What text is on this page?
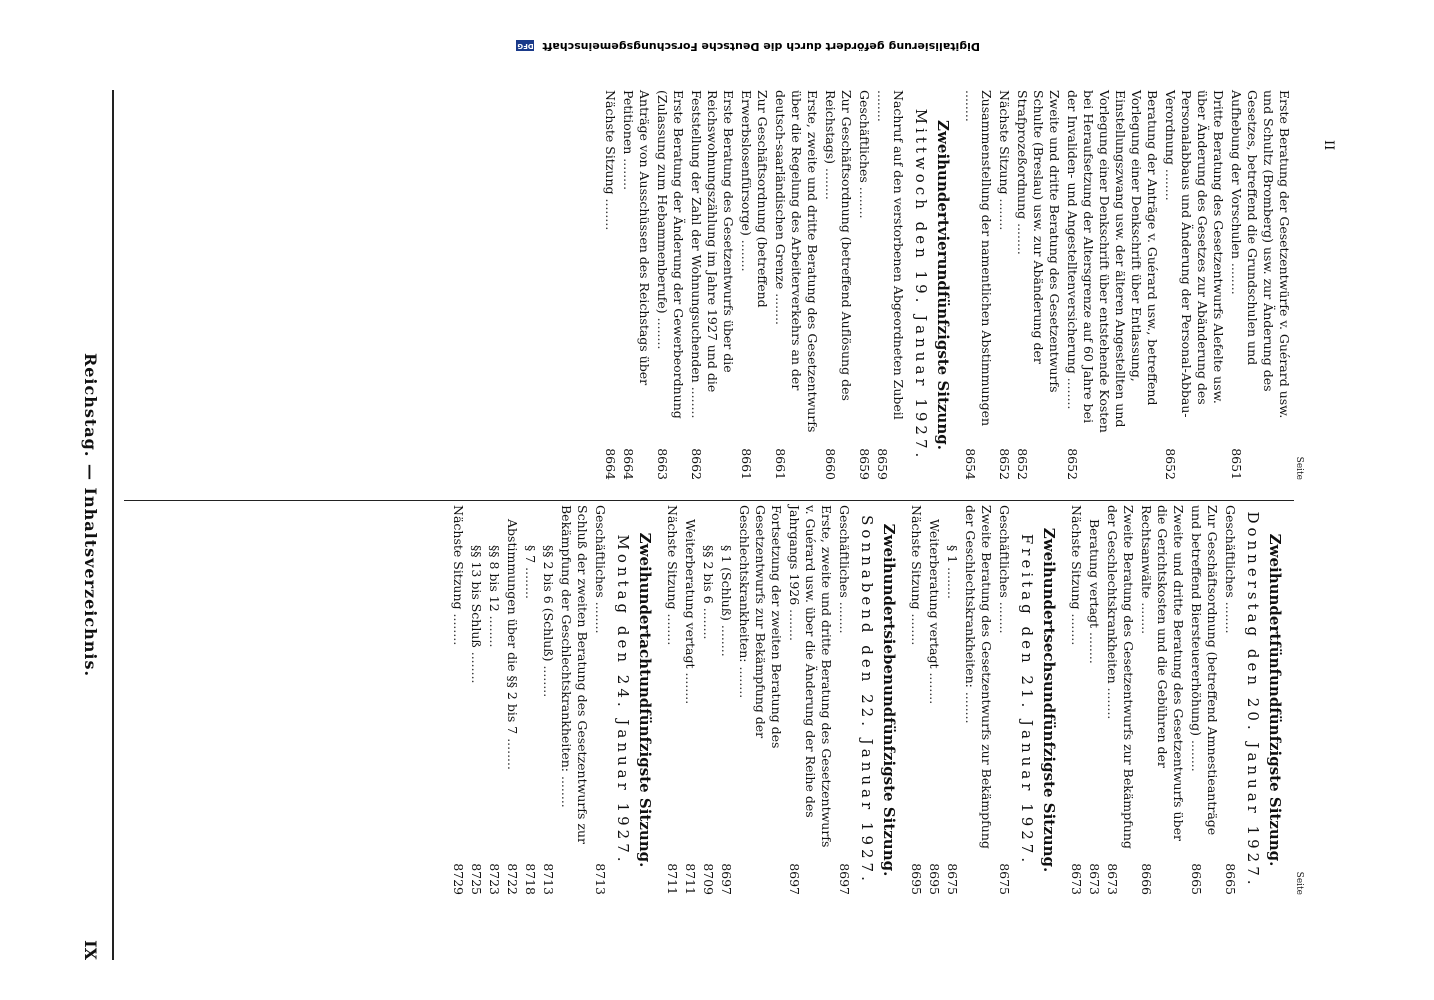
Reichstag. — Inhaltsverzeichnis.
IX
Seite
Erste Beratung der Gesetzentwürfe v. Guérard usw. und Schultz (Bromberg) usw. zur Änderung des Gesetzes, betreffend die Grundschulen und Aufhebung der Vorschulen .....
8651
Dritte Beratung des Gesetzentwurfs Alefelte usw. über Änderung des Gesetzes zur Abänderung des Personalabbaus und Änderung der Personal-Abbau-Verordnung .....
8652
Beratung der Anträge v. Guérard usw., betreffend Vorlegung einer Denkschrift über Entlassung, Einstellungszwang usw. der älteren Angestellten und Vorlegung einer Denkschrift über entstehende Kosten bei Heraufsetzung der Altersgrenze auf 60 Jahre bei der Invaliden- und Angestelltenversicherung .....
8652
Zweite und dritte Beratung des Gesetzentwurfs Schulte (Breslau) usw. zur Abänderung der Strafprozeßordnung .....
8652
Nächste Sitzung .....
8652
Zusammenstellung der namentlichen Abstimmungen .....
8654
Zweihundertvierundfünfzigste Sitzung.
Mittwoch den 19. Januar 1927.
Nachruf auf den verstorbenen Abgeordneten Zubeil .....
8659
Geschäftliches .....
8659
Zur Geschäftsordnung (betreffend Auflösung des Reichstags) .....
8660
Erste, zweite und dritte Beratung des Gesetzentwurfs über die Regelung des Arbeiterverkehrs an der deutsch-saarländischen Grenze .....
8661
Zur Geschäftsordnung (betreffend Erwerbslosenfürsorge) .....
8661
Erste Beratung des Gesetzentwurfs über die Reichswohnungszählung im Jahre 1927 und die Feststellung der Zahl der Wohnungsuchenden .....
8662
Erste Beratung der Änderung der Gewerbeordnung (Zulassung zum Hebammenberufe) .....
8663
Anträge von Ausschüssen des Reichstags über Petitionen .....
8664
Nächste Sitzung .....
8664
Seite
Zweihundertfünfundfünfzigste Sitzung.
Donnerstag den 20. Januar 1927.
Geschäftliches .....
8665
Zur Geschäftsordnung (betreffend Amnestieanträge und betreffend Biersteuererhöhung) .....
8665
Zweite und dritte Beratung des Gesetzentwurfs über die Gerichtskosten und die Gebühren der Rechtsanwälte .....
8666
Zweite Beratung des Gesetzentwurfs zur Bekämpfung der Geschlechtskrankheiten .....
8673
Beratung vertagt .....
8673
Nächste Sitzung .....
8673
Zweihundertsechsundfünfzigste Sitzung.
Freitag den 21. Januar 1927.
Geschäftliches .....
8675
Zweite Beratung des Gesetzentwurfs zur Bekämpfung der Geschlechtskrankheiten: .....
§ 1 .....
8675
Weiterberatung vertagt .....
8695
Nächste Sitzung .....
8695
Zweihundertsiebenundfünfzigste Sitzung.
Sonnabend den 22. Januar 1927.
Geschäftliches .....
8697
Erste, zweite und dritte Beratung des Gesetzentwurfs v. Guérard usw. über die Änderung der Reihe des Jahrgangs 1926 .....
8697
Fortsetzung der zweiten Beratung des Gesetzentwurfs zur Bekämpfung der Geschlechtskrankheiten: .....
§ 1 (Schluß) .....
8697
§§ 2 bis 6 .....
8709
Weiterberatung vertagt .....
8711
Nächste Sitzung .....
8711
Zweihundertachtundfünfzigste Sitzung.
Montag den 24. Januar 1927.
Geschäftliches .....
8713
Schluß der zweiten Beratung des Gesetzentwurfs zur Bekämpfung der Geschlechtskrankheiten: .....
§§ 2 bis 6 (Schluß) .....
8713
§ 7 .....
8718
Abstimmungen über die §§ 2 bis 7 .....
8722
§§ 8 bis 12 .....
8723
§§ 13 bis Schluß .....
8725
Nächste Sitzung .....
8729
II
Digitalisierung gefördert durch die Deutsche Forschungsgemeinschaft DFG
